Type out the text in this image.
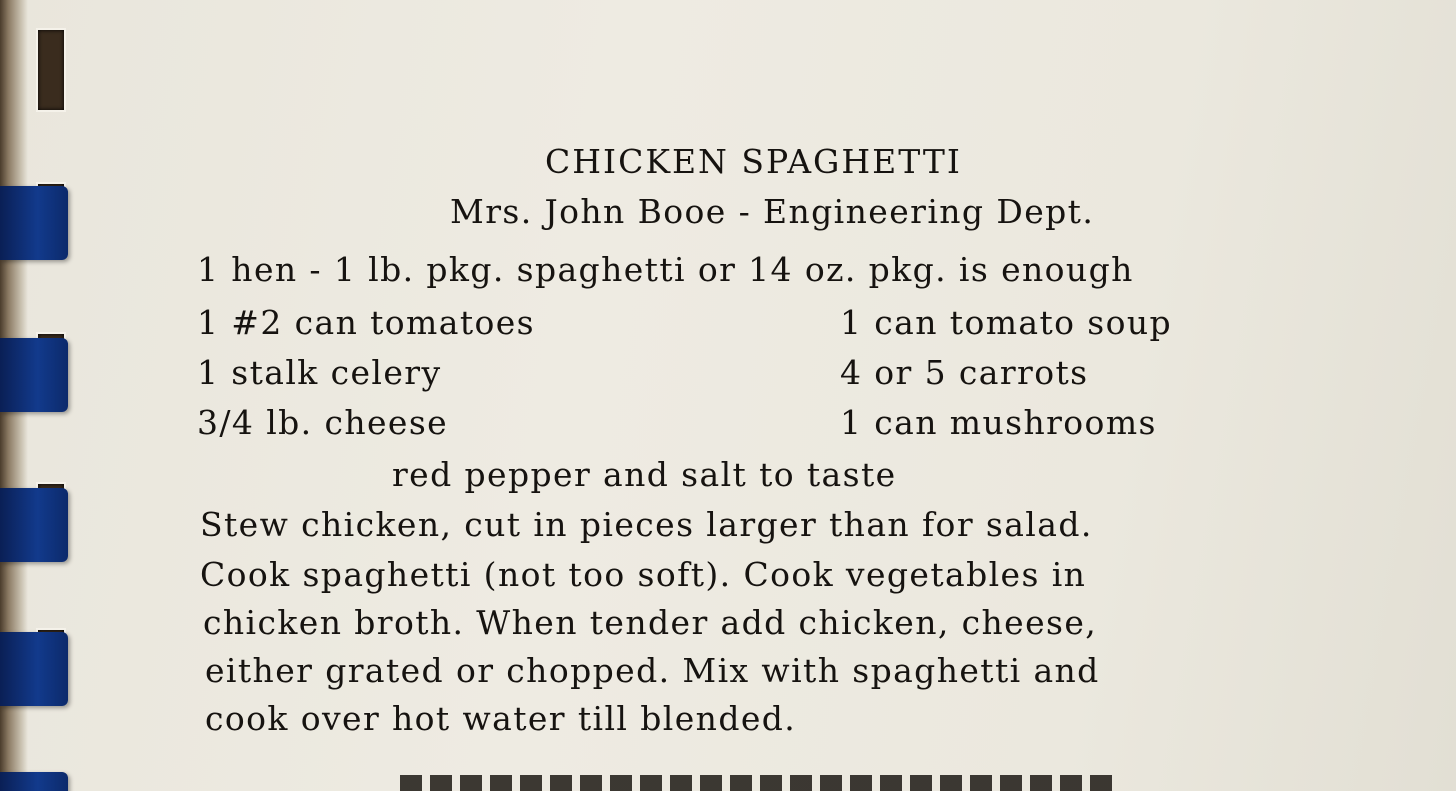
CHICKEN SPAGHETTI
Mrs. John Booe - Engineering Dept.
1 hen - 1 lb. pkg. spaghetti or 14 oz. pkg. is enough
1 #2 can tomatoes	1 can tomato soup
1 stalk celery	4 or 5 carrots
3/4 lb. cheese	1 can mushrooms
red pepper and salt to taste
Stew chicken, cut in pieces larger than for salad.
Cook spaghetti (not too soft). Cook vegetables in
chicken broth. When tender add chicken, cheese,
either grated or chopped. Mix with spaghetti and
cook over hot water till blended.
